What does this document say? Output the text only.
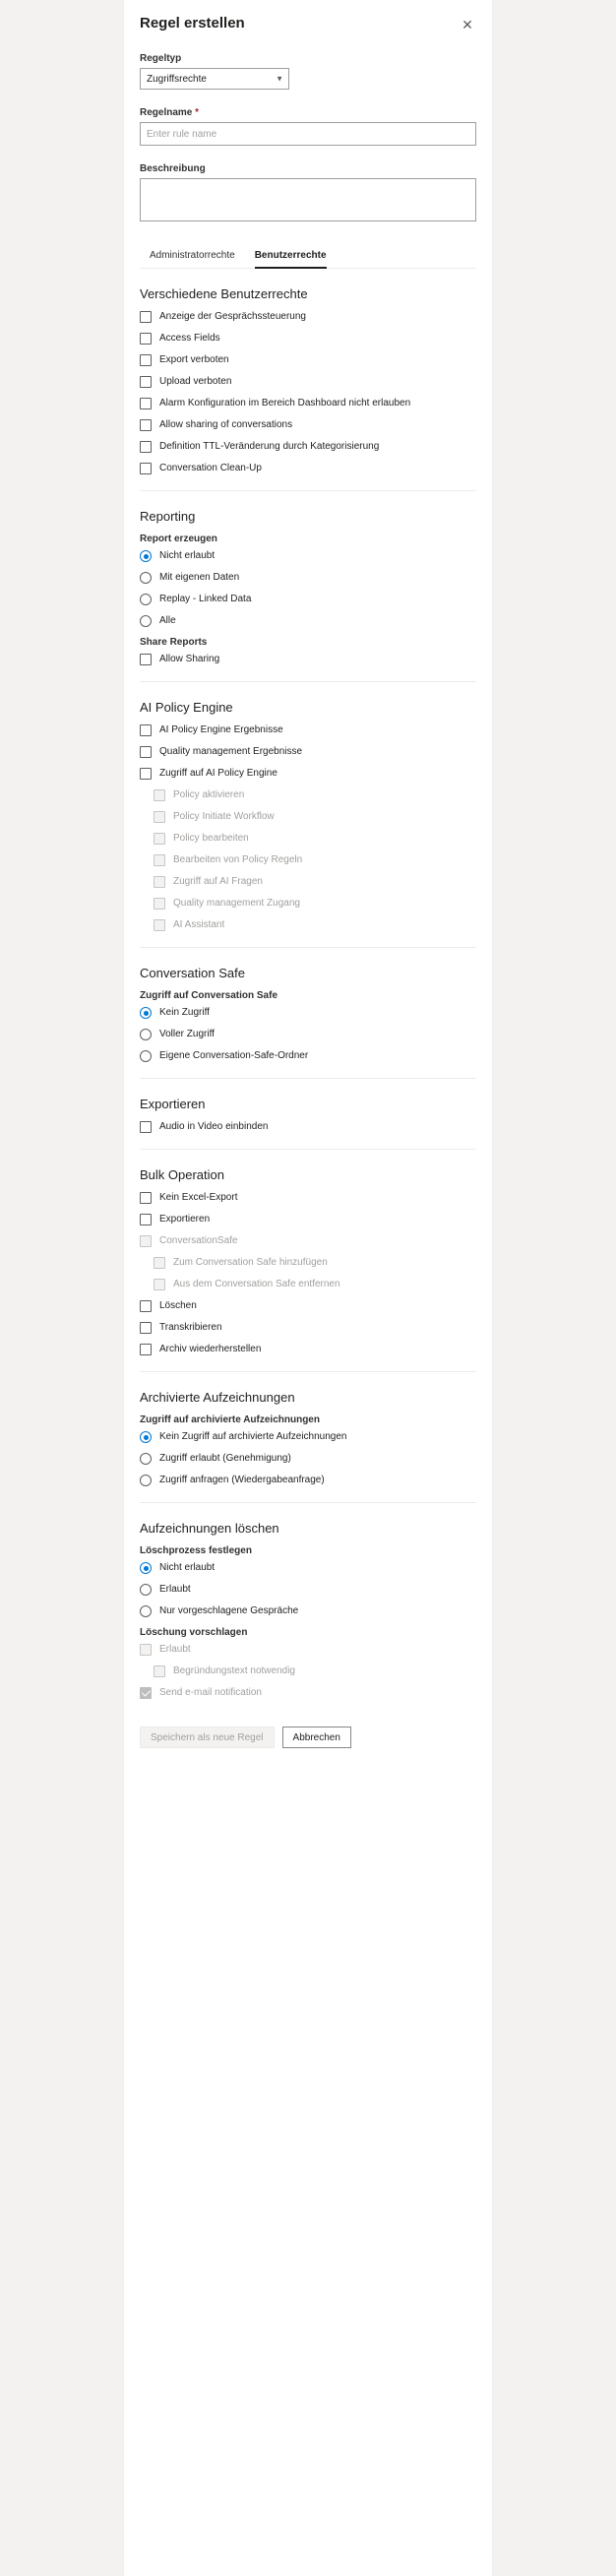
Regel erstellen	✕
Regeltyp
Zugriffsrechte	▼
Regelname *
Enter rule name
Beschreibung
Administratorrechte	Benutzerrechte
Verschiedene Benutzerrechte
Anzeige der Gesprächssteuerung
Access Fields
Export verboten
Upload verboten
Alarm Konfiguration im Bereich Dashboard nicht erlauben
Allow sharing of conversations
Definition TTL-Veränderung durch Kategorisierung
Conversation Clean-Up
Reporting
Report erzeugen
Nicht erlaubt
Mit eigenen Daten
Replay - Linked Data
Alle
Share Reports
Allow Sharing
AI Policy Engine
AI Policy Engine Ergebnisse
Quality management Ergebnisse
Zugriff auf AI Policy Engine
Policy aktivieren
Policy Initiate Workflow
Policy bearbeiten
Bearbeiten von Policy Regeln
Zugriff auf AI Fragen
Quality management Zugang
AI Assistant
Conversation Safe
Zugriff auf Conversation Safe
Kein Zugriff
Voller Zugriff
Eigene Conversation-Safe-Ordner
Exportieren
Audio in Video einbinden
Bulk Operation
Kein Excel-Export
Exportieren
ConversationSafe
Zum Conversation Safe hinzufügen
Aus dem Conversation Safe entfernen
Löschen
Transkribieren
Archiv wiederherstellen
Archivierte Aufzeichnungen
Zugriff auf archivierte Aufzeichnungen
Kein Zugriff auf archivierte Aufzeichnungen
Zugriff erlaubt (Genehmigung)
Zugriff anfragen (Wiedergabeanfrage)
Aufzeichnungen löschen
Löschprozess festlegen
Nicht erlaubt
Erlaubt
Nur vorgeschlagene Gespräche
Löschung vorschlagen
Erlaubt
Begründungstext notwendig
Send e-mail notification
Speichern als neue Regel	Abbrechen
